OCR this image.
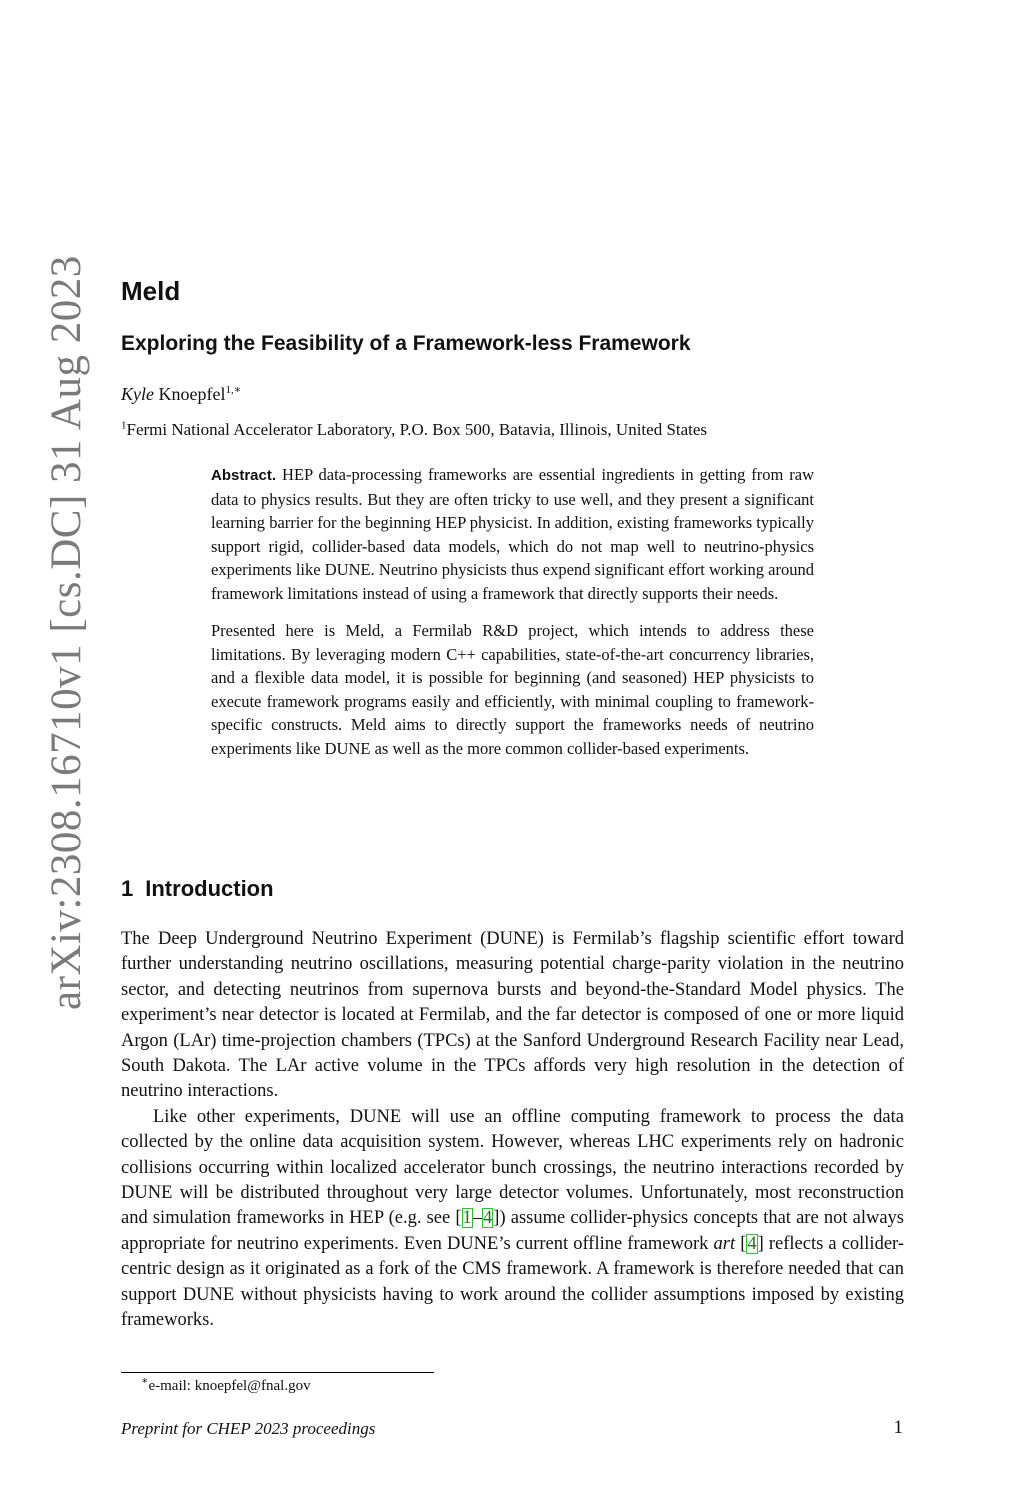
arXiv:2308.16710v1 [cs.DC] 31 Aug 2023 Meld
Exploring the Feasibility of a Framework-less Framework
Kyle Knoepfel$^{1,∗}$
$^1$Fermi National Accelerator Laboratory, P.O. Box 500, Batavia, Illinois, United States

Abstract. HEP data-processing frameworks are essential ingredients in getting from raw data to physics results. But they are often tricky to use well, and they present a significant learning barrier for the beginning HEP physicist. In addition, existing frameworks typically support rigid, collider-based data models, which do not map well to neutrino-physics experiments like DUNE. Neutrino physicists thus expend significant effort working around framework limitations instead of using a framework that directly supports their needs.

Presented here is Meld, a Fermilab R&D project, which intends to address these limitations. By leveraging modern C++ capabilities, state-of-the-art concurrency libraries, and a flexible data model, it is possible for beginning (and seasoned) HEP physicists to execute framework programs easily and efficiently, with minimal coupling to framework-specific constructs. Meld aims to directly support the frameworks needs of neutrino experiments like DUNE as well as the more common collider-based experiments.

1 Introduction

The Deep Underground Neutrino Experiment (DUNE) is Fermilab’s flagship scientific effort toward further understanding neutrino oscillations, measuring potential charge-parity violation in the neutrino sector, and detecting neutrinos from supernova bursts and beyond-the-Standard Model physics. The experiment’s near detector is located at Fermilab, and the far detector is composed of one or more liquid Argon (LAr) time-projection chambers (TPCs) at the Sanford Underground Research Facility near Lead, South Dakota. The LAr active volume in the TPCs affords very high resolution in the detection of neutrino interactions.

Like other experiments, DUNE will use an offline computing framework to process the data collected by the online data acquisition system. However, whereas LHC experiments rely on hadronic collisions occurring within localized accelerator bunch crossings, the neutrino interactions recorded by DUNE will be distributed throughout very large detector volumes. Unfortunately, most reconstruction and simulation frameworks in HEP (e.g. see [1–4]) assume collider-physics concepts that are not always appropriate for neutrino experiments. Even DUNE’s current offline framework art [4] reflects a collider-centric design as it originated as a fork of the CMS framework. A framework is therefore needed that can support DUNE without physicists having to work around the collider assumptions imposed by existing frameworks.

∗e-mail: knoepfel@fnal.gov
Preprint for CHEP 2023 proceedings	1
